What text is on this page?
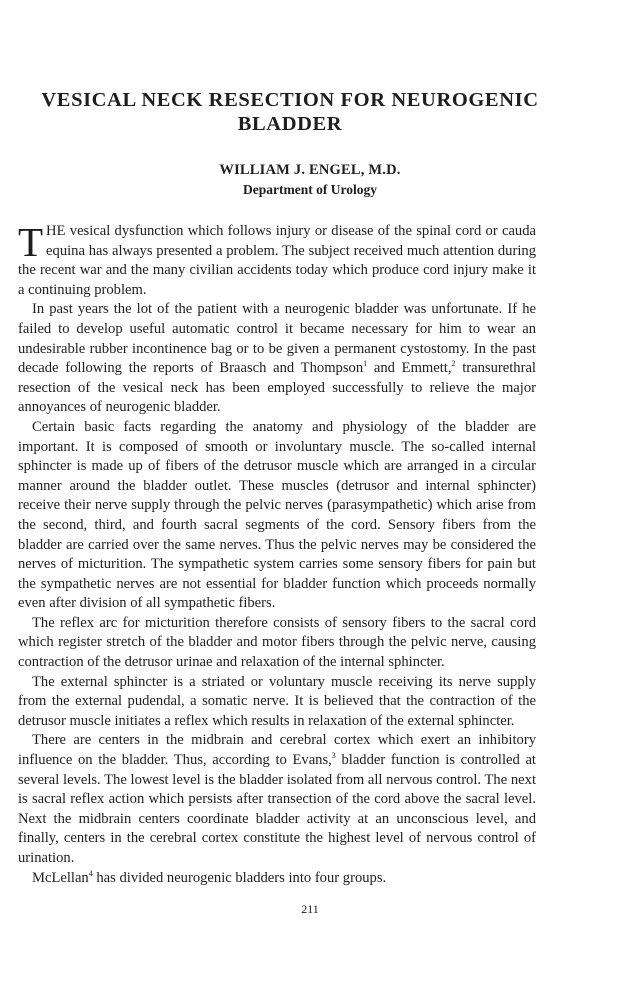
VESICAL NECK RESECTION FOR NEUROGENIC
BLADDER

WILLIAM J. ENGEL, M.D.

Department of Urology

THE vesical dysfunction which follows injury or disease of the spinal cord or cauda equina has always presented a problem. The subject received much attention during the recent war and the many civilian accidents today which produce cord injury make it a continuing problem.

In past years the lot of the patient with a neurogenic bladder was unfortunate. If he failed to develop useful automatic control it became necessary for him to wear an undesirable rubber incontinence bag or to be given a permanent cystostomy. In the past decade following the reports of Braasch and Thompson$^1$ and Emmett,$^2$ transurethral resection of the vesical neck has been employed successfully to relieve the major annoyances of neurogenic bladder.

Certain basic facts regarding the anatomy and physiology of the bladder are important. It is composed of smooth or involuntary muscle. The so-called internal sphincter is made up of fibers of the detrusor muscle which are arranged in a circular manner around the bladder outlet. These muscles (detrusor and internal sphincter) receive their nerve supply through the pelvic nerves (parasympathetic) which arise from the second, third, and fourth sacral segments of the cord. Sensory fibers from the bladder are carried over the same nerves. Thus the pelvic nerves may be considered the nerves of micturition. The sympathetic system carries some sensory fibers for pain but the sympathetic nerves are not essential for bladder function which proceeds normally even after division of all sympathetic fibers.

The reflex arc for micturition therefore consists of sensory fibers to the sacral cord which register stretch of the bladder and motor fibers through the pelvic nerve, causing contraction of the detrusor urinae and relaxation of the internal sphincter.

The external sphincter is a striated or voluntary muscle receiving its nerve supply from the external pudendal, a somatic nerve. It is believed that the contraction of the detrusor muscle initiates a reflex which results in relaxation of the external sphincter.

There are centers in the midbrain and cerebral cortex which exert an inhibitory influence on the bladder. Thus, according to Evans,$^3$ bladder function is controlled at several levels. The lowest level is the bladder isolated from all nervous control. The next is sacral reflex action which persists after transection of the cord above the sacral level. Next the midbrain centers coordinate bladder activity at an unconscious level, and finally, centers in the cerebral cortex constitute the highest level of nervous control of urination.

McLellan$^4$ has divided neurogenic bladders into four groups.

211
